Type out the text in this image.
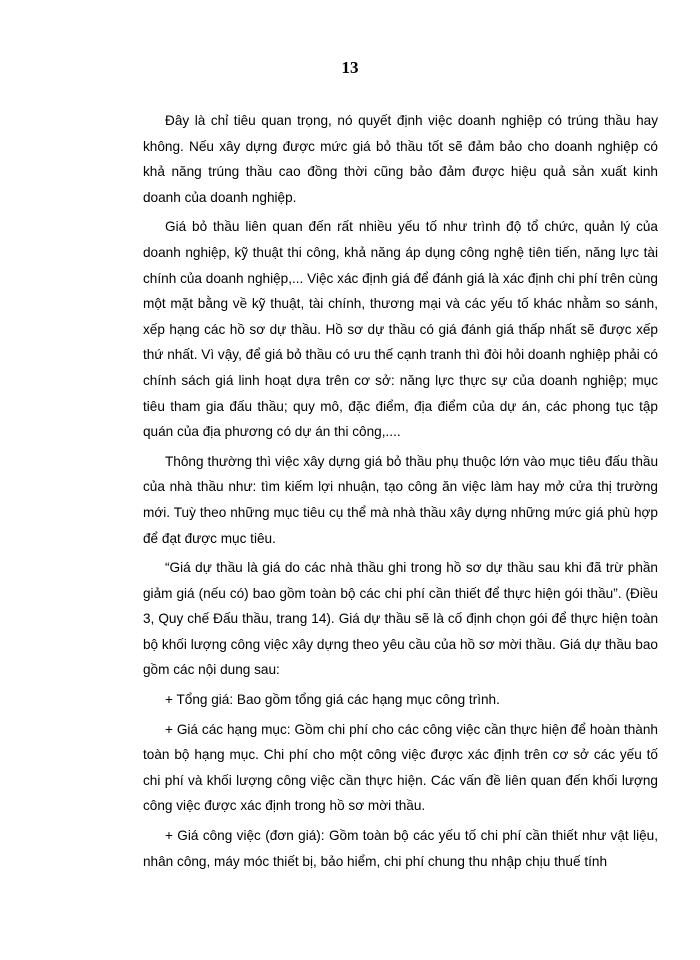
13

Đây là chỉ tiêu quan trọng, nó quyết định việc doanh nghiệp có trúng thầu hay không. Nếu xây dựng được mức giá bỏ thầu tốt sẽ đảm bảo cho doanh nghiệp có khả năng trúng thầu cao đồng thời cũng bảo đảm được hiệu quả sản xuất kinh doanh của doanh nghiệp.

Giá bỏ thầu liên quan đến rất nhiều yếu tố như trình độ tổ chức, quản lý của doanh nghiệp, kỹ thuật thi công, khả năng áp dụng công nghệ tiên tiến, năng lực tài chính của doanh nghiệp,... Việc xác định giá để đánh giá là xác định chi phí trên cùng một mặt bằng về kỹ thuật, tài chính, thương mại và các yếu tố khác nhằm so sánh, xếp hạng các hồ sơ dự thầu. Hồ sơ dự thầu có giá đánh giá thấp nhất sẽ được xếp thứ nhất. Vì vậy, để giá bỏ thầu có ưu thế cạnh tranh thì đòi hỏi doanh nghiệp phải có chính sách giá linh hoạt dựa trên cơ sở: năng lực thực sự của doanh nghiệp; mục tiêu tham gia đấu thầu; quy mô, đặc điểm, địa điểm của dự án, các phong tục tập quán của địa phương có dự án thi công,....

Thông thường thì việc xây dựng giá bỏ thầu phụ thuộc lớn vào mục tiêu đấu thầu của nhà thầu như: tìm kiếm lợi nhuận, tạo công ăn việc làm hay mở cửa thị trường mới. Tuỳ theo những mục tiêu cụ thể mà nhà thầu xây dựng những mức giá phù hợp để đạt được mục tiêu.

“Giá dự thầu là giá do các nhà thầu ghi trong hồ sơ dự thầu sau khi đã trừ phần giảm giá (nếu có) bao gồm toàn bộ các chi phí cần thiết để thực hiện gói thầu”. (Điều 3, Quy chế Đấu thầu, trang 14). Giá dự thầu sẽ là cố định chọn gói để thực hiện toàn bộ khối lượng công việc xây dựng theo yêu cầu của hồ sơ mời thầu. Giá dự thầu bao gồm các nội dung sau:

+ Tổng giá: Bao gồm tổng giá các hạng mục công trình.

+ Giá các hạng mục: Gồm chi phí cho các công việc cần thực hiện để hoàn thành toàn bộ hạng mục. Chi phí cho một công việc được xác định trên cơ sở các yếu tố chi phí và khối lượng công việc cần thực hiện. Các vấn đề liên quan đến khối lượng công việc được xác định trong hồ sơ mời thầu.

+ Giá công việc (đơn giá): Gồm toàn bộ các yếu tố chi phí cần thiết như vật liệu, nhân công, máy móc thiết bị, bảo hiểm, chi phí chung thu nhập chịu thuế tính
